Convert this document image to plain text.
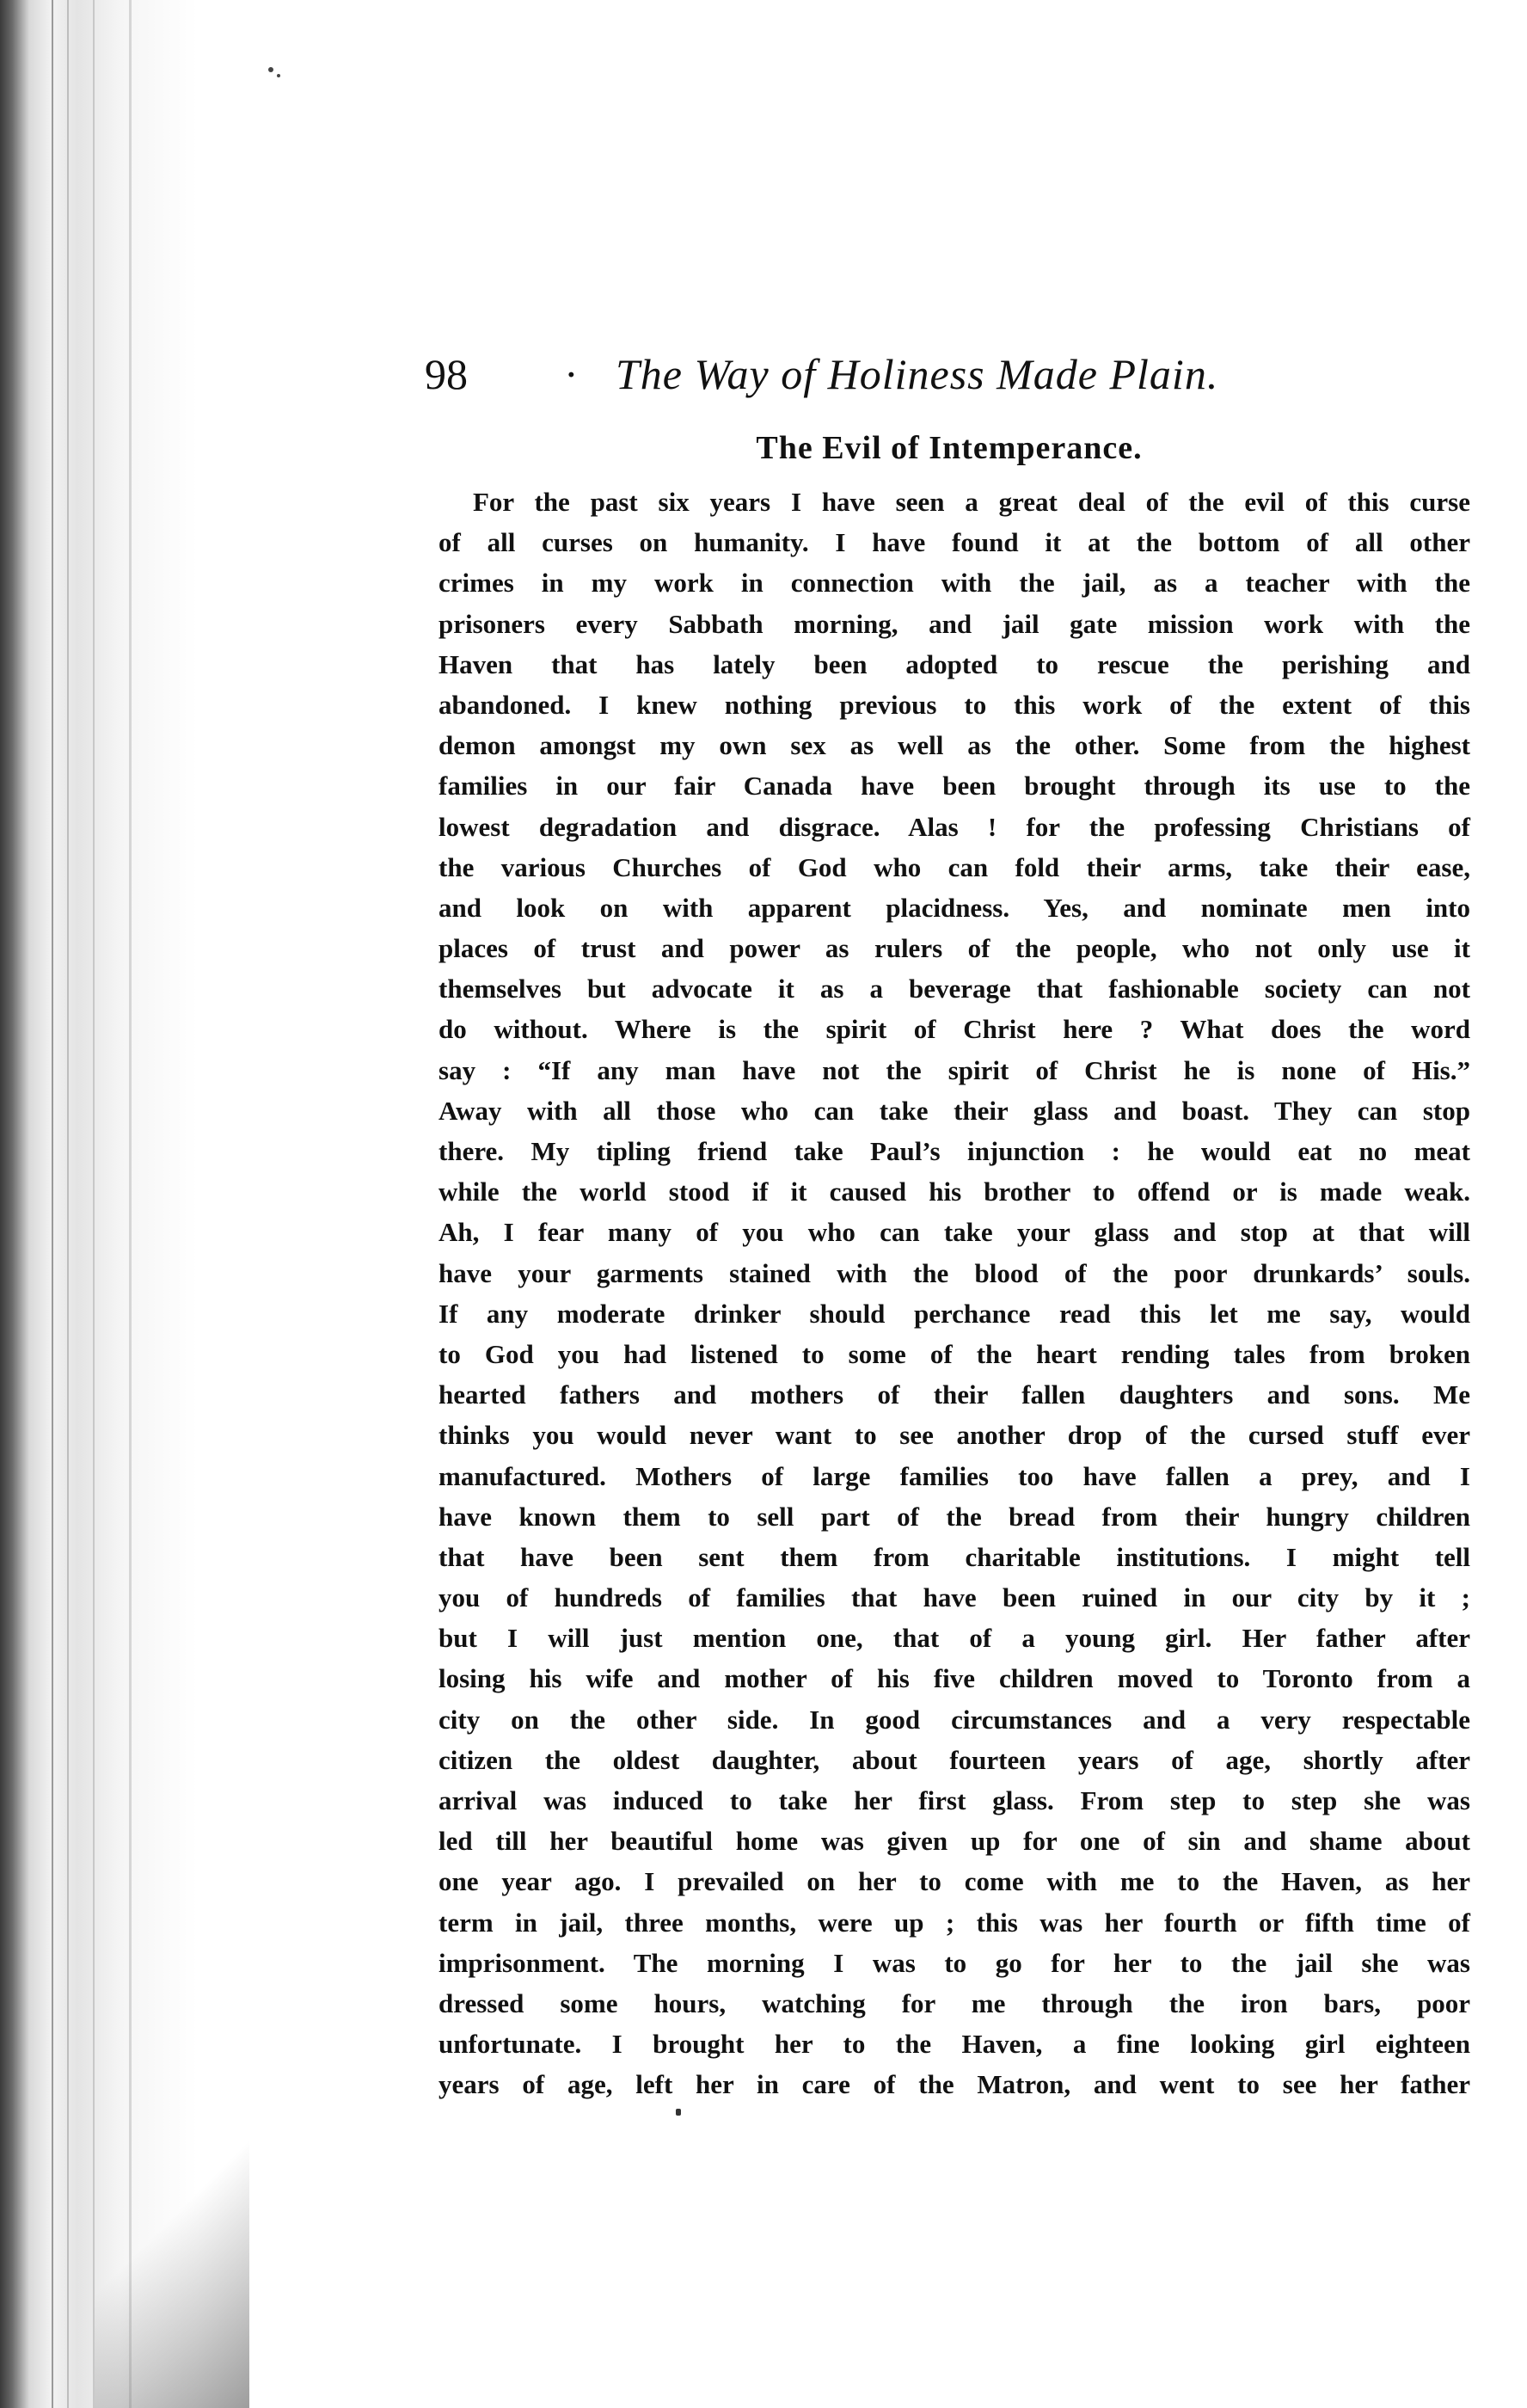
98 · The Way of Holiness Made Plain.
The Evil of Intemperance.
For the past six years I have seen a great deal of the evil of this curse
of all curses on humanity. I have found it at the bottom of all other
crimes in my work in connection with the jail, as a teacher with the
prisoners every Sabbath morning, and jail gate mission work with the
Haven that has lately been adopted to rescue the perishing and
abandoned. I knew nothing previous to this work of the extent of this
demon amongst my own sex as well as the other. Some from the highest
families in our fair Canada have been brought through its use to the
lowest degradation and disgrace. Alas ! for the professing Christians of
the various Churches of God who can fold their arms, take their ease,
and look on with apparent placidness. Yes, and nominate men into
places of trust and power as rulers of the people, who not only use it
themselves but advocate it as a beverage that fashionable society can not
do without. Where is the spirit of Christ here ? What does the word
say : “If any man have not the spirit of Christ he is none of His.”
Away with all those who can take their glass and boast. They can stop
there. My tipling friend take Paul’s injunction : he would eat no meat
while the world stood if it caused his brother to offend or is made weak.
Ah, I fear many of you who can take your glass and stop at that will
have your garments stained with the blood of the poor drunkards’ souls.
If any moderate drinker should perchance read this let me say, would
to God you had listened to some of the heart rending tales from broken
hearted fathers and mothers of their fallen daughters and sons. Me
thinks you would never want to see another drop of the cursed stuff ever
manufactured. Mothers of large families too have fallen a prey, and I
have known them to sell part of the bread from their hungry children
that have been sent them from charitable institutions. I might tell
you of hundreds of families that have been ruined in our city by it ;
but I will just mention one, that of a young girl. Her father after
losing his wife and mother of his five children moved to Toronto from a
city on the other side. In good circumstances and a very respectable
citizen the oldest daughter, about fourteen years of age, shortly after
arrival was induced to take her first glass. From step to step she was
led till her beautiful home was given up for one of sin and shame about
one year ago. I prevailed on her to come with me to the Haven, as her
term in jail, three months, were up ; this was her fourth or fifth time of
imprisonment. The morning I was to go for her to the jail she was
dressed some hours, watching for me through the iron bars, poor
unfortunate. I brought her to the Haven, a fine looking girl eighteen
years of age, left her in care of the Matron, and went to see her father
